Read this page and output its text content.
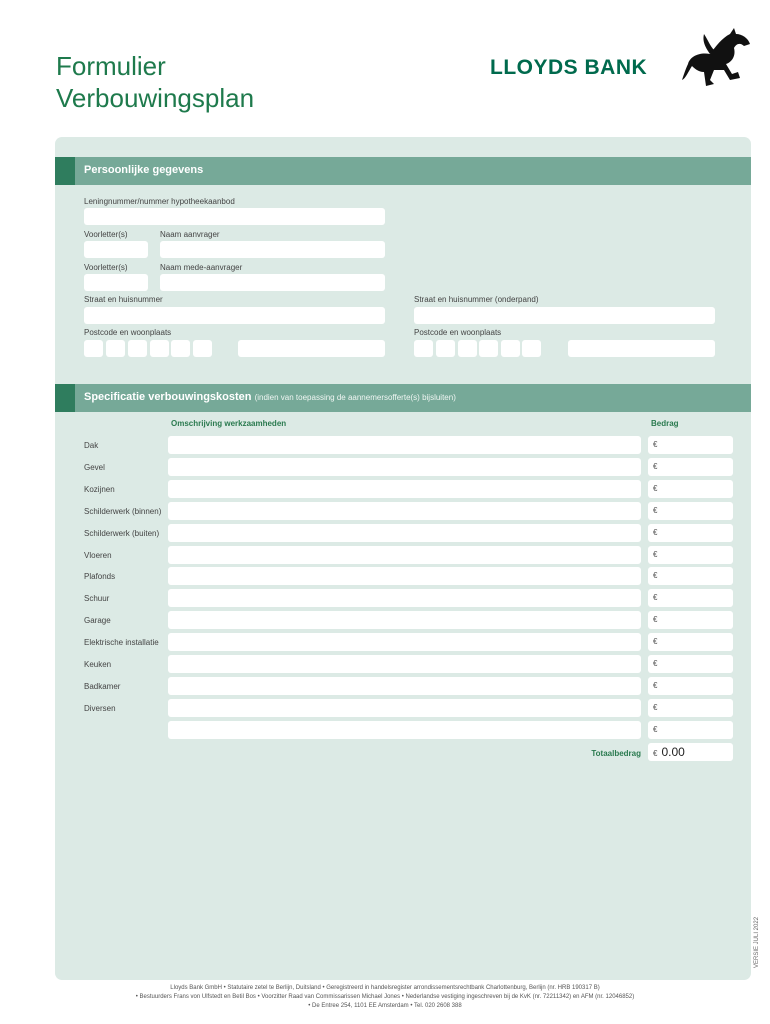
Formulier
Verbouwingsplan
LLOYDS BANK
Persoonlijke gegevens
Leningnummer/nummer hypotheekaanbod
Voorletter(s)	Naam aanvrager
Voorletter(s)	Naam mede-aanvrager
Straat en huisnummer	Straat en huisnummer (onderpand)
Postcode en woonplaats	Postcode en woonplaats
Specificatie verbouwingskosten (indien van toepassing de aannemersofferte(s) bijsluiten)
Omschrijving werkzaamheden	Bedrag
Dak	€
Gevel	€
Kozijnen	€
Schilderwerk (binnen)	€
Schilderwerk (buiten)	€
Vloeren	€
Plafonds	€
Schuur	€
Garage	€
Elektrische installatie	€
Keuken	€
Badkamer	€
Diversen	€
€
Totaalbedrag	€ 0.00
VERSIE JULI 2022
Lloyds Bank GmbH • Statutaire zetel te Berlijn, Duitsland • Geregistreerd in handelsregister arrondissementsrechtbank Charlottenburg, Berlijn (nr. HRB 190317 B)
• Bestuurders Frans von Ulfstedt en Betil Bos • Voorzitter Raad van Commissarissen Michael Jones • Nederlandse vestiging ingeschreven bij de KvK (nr. 72211342) en AFM (nr. 12046852)
• De Entree 254, 1101 EE Amsterdam • Tel. 020 2608 388
